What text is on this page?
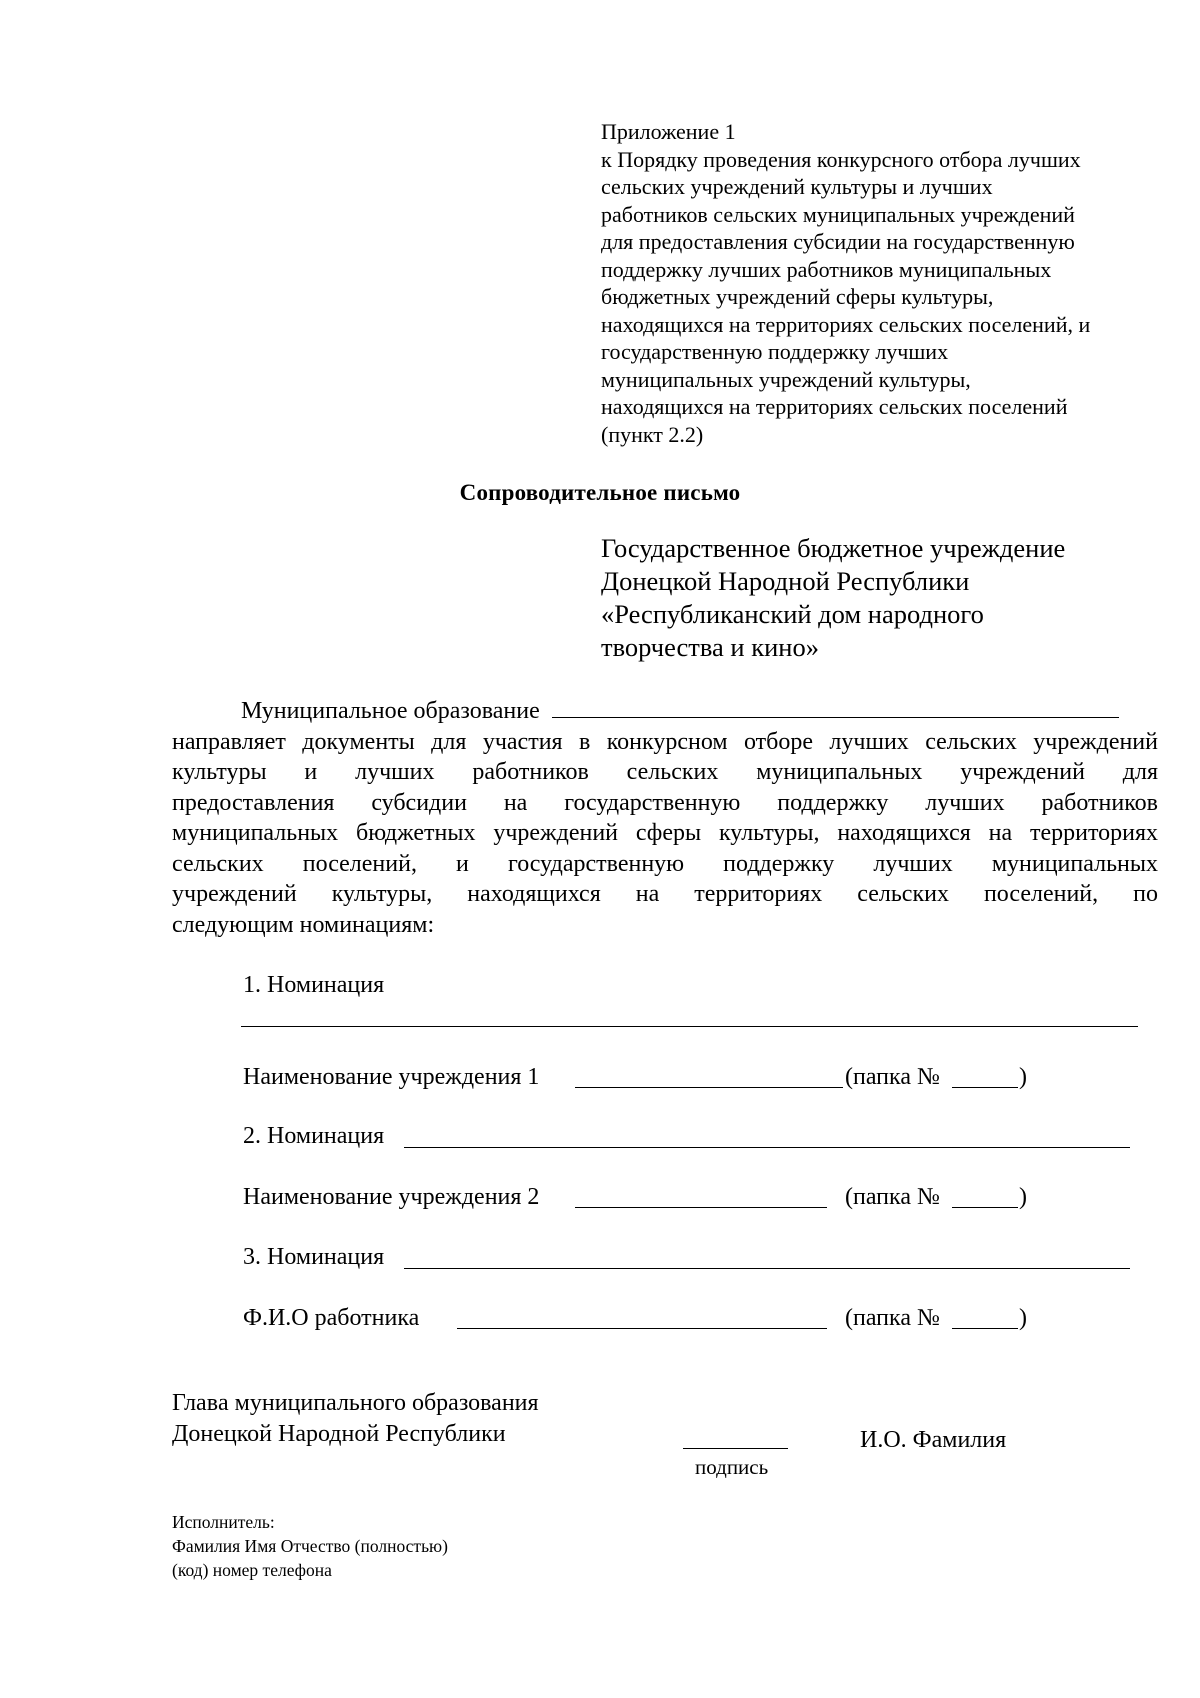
Приложение 1
к Порядку проведения конкурсного отбора лучших
сельских учреждений культуры и лучших
работников сельских муниципальных учреждений
для предоставления субсидии на государственную
поддержку лучших работников муниципальных
бюджетных учреждений сферы культуры,
находящихся на территориях сельских поселений, и
государственную поддержку лучших
муниципальных учреждений культуры,
находящихся на территориях сельских поселений
(пункт 2.2)
Сопроводительное письмо
Государственное бюджетное учреждение
Донецкой Народной Республики
«Республиканский дом народного
творчества и кино»
Муниципальное образование
направляет документы для участия в конкурсном отборе лучших сельских учреждений
культуры и лучших работников сельских муниципальных учреждений для
предоставления субсидии на государственную поддержку лучших работников
муниципальных бюджетных учреждений сферы культуры, находящихся на территориях
сельских поселений, и государственную поддержку лучших муниципальных
учреждений культуры, находящихся на территориях сельских поселений, по
следующим номинациям:
1. Номинация
Наименование учреждения 1	(папка №	)
2. Номинация
Наименование учреждения 2	(папка №	)
3. Номинация
Ф.И.О работника	(папка №	)
Главa муниципального образования
Донецкой Народной Республики
подпись
И.О. Фамилия
Исполнитель:
Фамилия Имя Отчество (полностью)
(код) номер телефона
